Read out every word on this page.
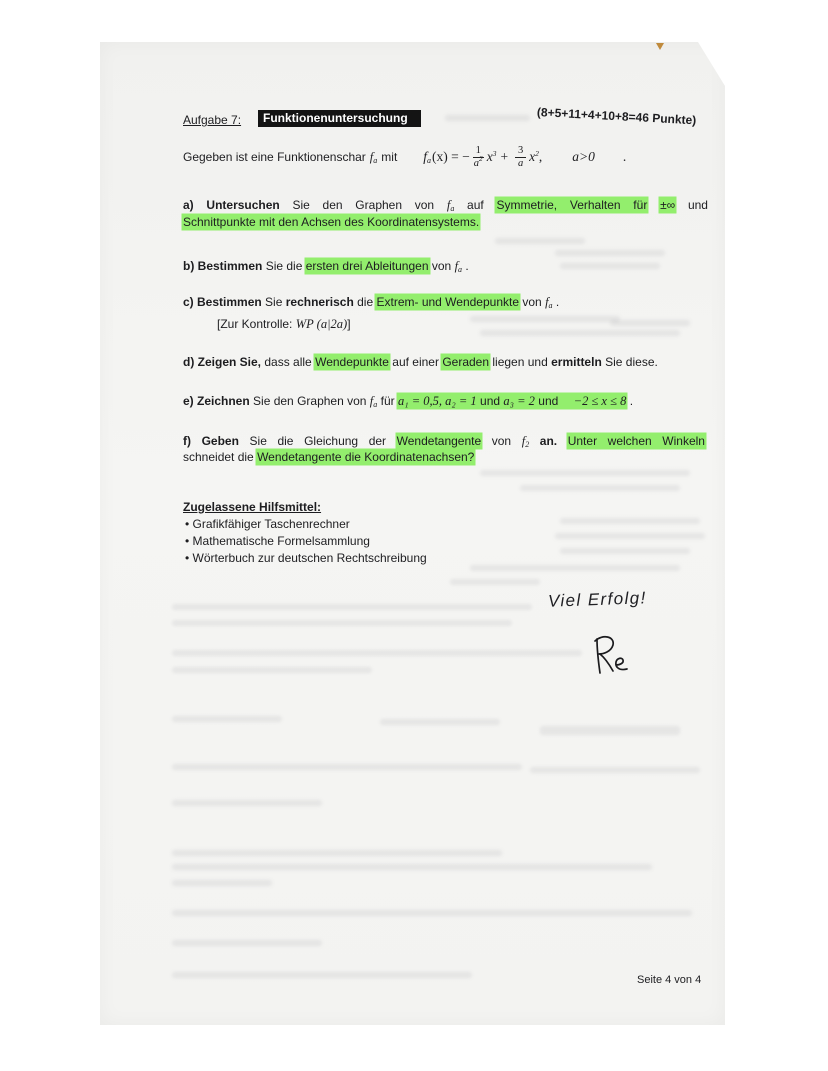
Aufgabe 7:	Funktionenuntersuchung	(8+5+11+4+10+8=46 Punkte)
Gegeben ist eine Funktionenschar $f_a$ mit $f_a$ (x) = − $\frac{1}{a^2} x^3 + \frac{3}{a} x^2$ , a>0 .
a) Untersuchen Sie den Graphen von $f_a$ auf Symmetrie, Verhalten für ±∞ und
Schnittpunkte mit den Achsen des Koordinatensystems.
b) Bestimmen Sie die ersten drei Ableitungen von $f_a$ .
c) Bestimmen Sie rechnerisch die Extrem- und Wendepunkte von $f_a$ .
[Zur Kontrolle: WP (a|2a)]
d) Zeigen Sie, dass alle Wendepunkte auf einer Geraden liegen und ermitteln Sie diese.
e) Zeichnen Sie den Graphen von $f_a$ für a₁ = 0,5, a₂ = 1 und a₃ = 2 und −2 ≤ x ≤ 8 .
f) Geben Sie die Gleichung der Wendetangente von $f_2$ an. Unter welchen Winkeln
schneidet die Wendetangente die Koordinatenachsen?
Zugelassene Hilfsmittel:
• Grafikfähiger Taschenrechner
• Mathematische Formelsammlung
• Wörterbuch zur deutschen Rechtschreibung
Viel Erfolg!
Seite 4 von 4
